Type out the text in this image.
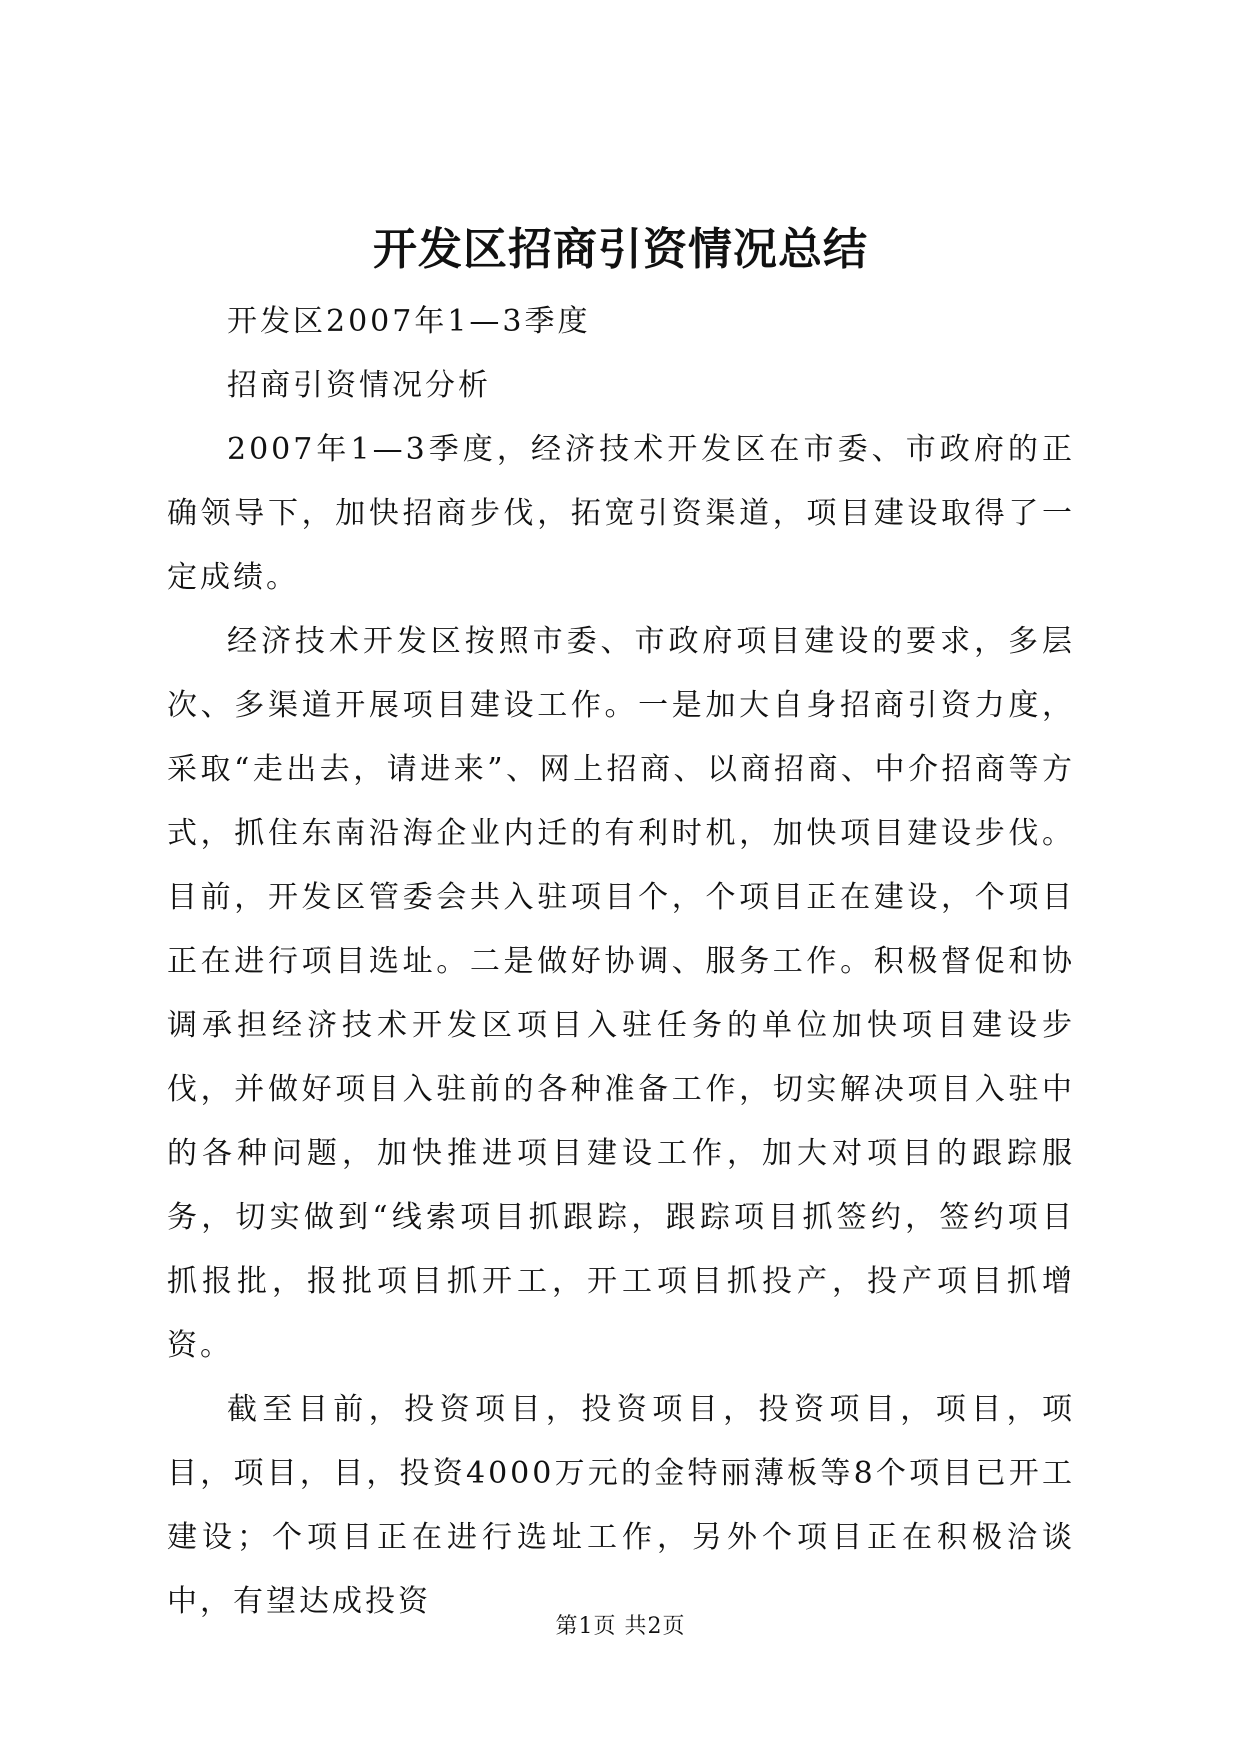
开发区招商引资情况总结

开发区2007年1—3季度

招商引资情况分析

2007年1—3季度，经济技术开发区在市委、市政府的正确领导下，加快招商步伐，拓宽引资渠道，项目建设取得了一定成绩。

经济技术开发区按照市委、市政府项目建设的要求，多层次、多渠道开展项目建设工作。一是加大自身招商引资力度，采取“走出去，请进来”、网上招商、以商招商、中介招商等方式，抓住东南沿海企业内迁的有利时机，加快项目建设步伐。目前，开发区管委会共入驻项目个，个项目正在建设，个项目正在进行项目选址。二是做好协调、服务工作。积极督促和协调承担经济技术开发区项目入驻任务的单位加快项目建设步伐，并做好项目入驻前的各种准备工作，切实解决项目入驻中的各种问题，加快推进项目建设工作，加大对项目的跟踪服务，切实做到“线索项目抓跟踪，跟踪项目抓签约，签约项目抓报批，报批项目抓开工，开工项目抓投产，投产项目抓增资。

截至目前，投资项目，投资项目，投资项目，项目，项目，项目，目，投资4000万元的金特丽薄板等8个项目已开工建设；个项目正在进行选址工作，另外个项目正在积极洽谈中，有望达成投资

第1页 共2页
